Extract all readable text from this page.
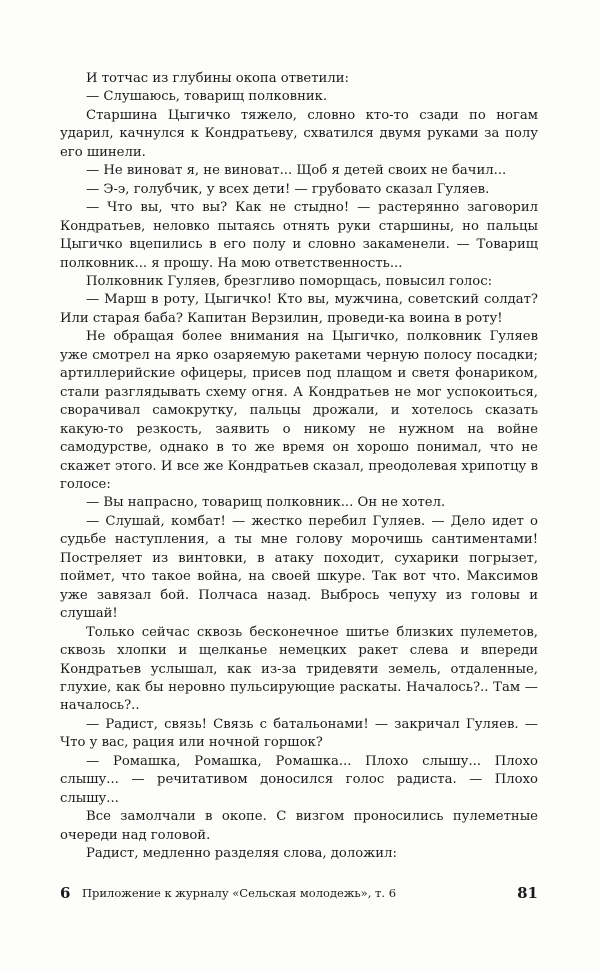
И тотчас из глубины окопа ответили:

— Слушаюсь, товарищ полковник.

Старшина Цыгичко тяжело, словно кто-то сзади по ногам ударил, качнулся к Кондратьеву, схватился двумя руками за полу его шинели.

— Не виноват я, не виноват... Щоб я детей своих не бачил...

— Э-э, голубчик, у всех дети! — грубовато сказал Гуляев.

— Что вы, что вы? Как не стыдно! — растерянно заговорил Кондратьев, неловко пытаясь отнять руки старшины, но пальцы Цыгичко вцепились в его полу и словно закаменели. — Товарищ полковник... я прошу. На мою ответственность...

Полковник Гуляев, брезгливо поморщась, повысил голос:

— Марш в роту, Цыгичко! Кто вы, мужчина, советский солдат? Или старая баба? Капитан Верзилин, проведи-ка воина в роту!

Не обращая более внимания на Цыгичко, полковник Гуляев уже смотрел на ярко озаряемую ракетами черную полосу посадки; артиллерийские офицеры, присев под плащом и светя фонариком, стали разглядывать схему огня. А Кондратьев не мог успокоиться, сворачивал самокрутку, пальцы дрожали, и хотелось сказать какую-то резкость, заявить о никому не нужном на войне самодурстве, однако в то же время он хорошо понимал, что не скажет этого. И все же Кондратьев сказал, преодолевая хрипотцу в голосе:

— Вы напрасно, товарищ полковник... Он не хотел.

— Слушай, комбат! — жестко перебил Гуляев. — Дело идет о судьбе наступления, а ты мне голову морочишь сантиментами! Постреляет из винтовки, в атаку походит, сухарики погрызет, поймет, что такое война, на своей шкуре. Так вот что. Максимов уже завязал бой. Полчаса назад. Выбрось чепуху из головы и слушай!

Только сейчас сквозь бесконечное шитье близких пулеметов, сквозь хлопки и щелканье немецких ракет слева и впереди Кондратьев услышал, как из-за тридевяти земель, отдаленные, глухие, как бы неровно пульсирующие раскаты. Началось?.. Там — началось?..

— Радист, связь! Связь с батальонами! — закричал Гуляев. — Что у вас, рация или ночной горшок?

— Ромашка, Ромашка, Ромашка... Плохо слышу... Плохо слышу... — речитативом доносился голос радиста. — Плохо слышу...

Все замолчали в окопе. С визгом проносились пулеметные очереди над головой.

Радист, медленно разделяя слова, доложил:

6 Приложение к журналу «Сельская молодежь», т. 6	81
